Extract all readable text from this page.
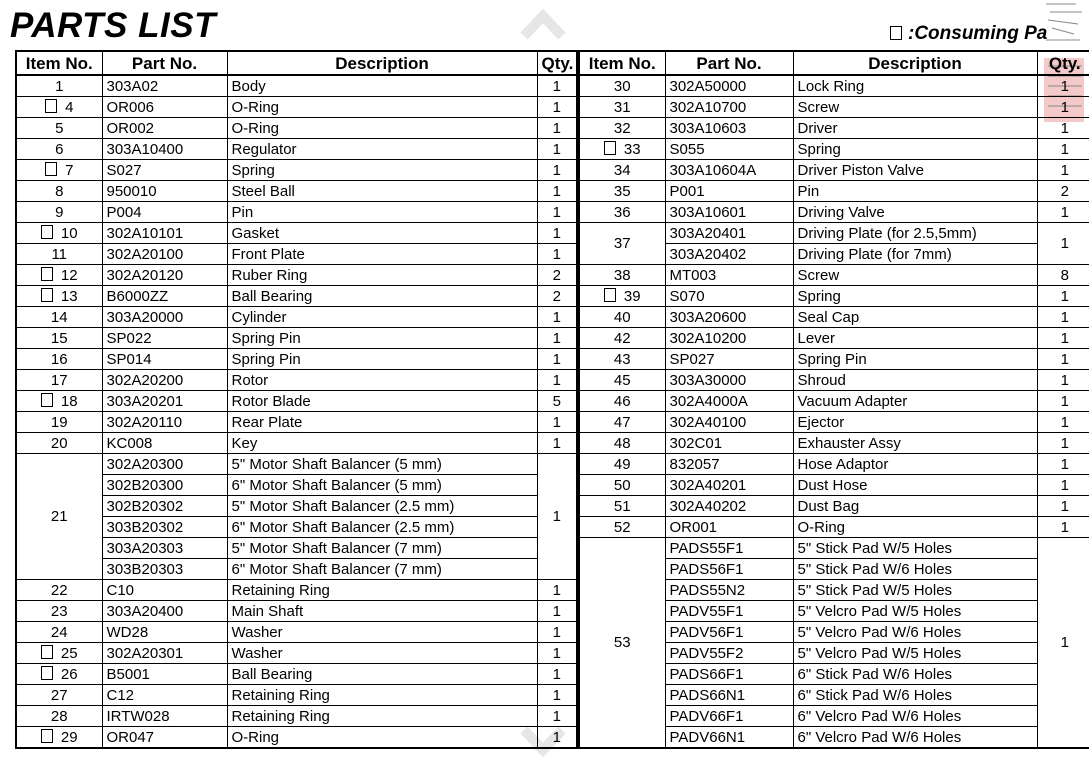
PARTS LIST	:Consuming Pa
Item No.	Part No.	Description	Qty.
1	303A02	Body	1
4	OR006	O-Ring	1
5	OR002	O-Ring	1
6	303A10400	Regulator	1
7	S027	Spring	1
8	950010	Steel Ball	1
9	P004	Pin	1
10	302A10101	Gasket	1
11	302A20100	Front Plate	1
12	302A20120	Ruber Ring	2
13	B6000ZZ	Ball Bearing	2
14	303A20000	Cylinder	1
15	SP022	Spring Pin	1
16	SP014	Spring Pin	1
17	302A20200	Rotor	1
18	303A20201	Rotor Blade	5
19	302A20110	Rear Plate	1
20	KC008	Key	1
21	302A20300	5" Motor Shaft Balancer (5 mm)	1
	302B20300	6" Motor Shaft Balancer (5 mm)	
	302B20302	5" Motor Shaft Balancer (2.5 mm)	
	303B20302	6" Motor Shaft Balancer (2.5 mm)	
	303A20303	5" Motor Shaft Balancer (7 mm)	
	303B20303	6" Motor Shaft Balancer (7 mm)	
22	C10	Retaining Ring	1
23	303A20400	Main Shaft	1
24	WD28	Washer	1
25	302A20301	Washer	1
26	B5001	Ball Bearing	1
27	C12	Retaining Ring	1
28	IRTW028	Retaining Ring	1
29	OR047	O-Ring	1
Item No.	Part No.	Description	Qty.
30	302A50000	Lock Ring	1
31	302A10700	Screw	1
32	303A10603	Driver	1
33	S055	Spring	1
34	303A10604A	Driver Piston Valve	1
35	P001	Pin	2
36	303A10601	Driving Valve	1
37	303A20401	Driving Plate (for 2.5,5mm)	1
	303A20402	Driving Plate (for 7mm)	
38	MT003	Screw	8
39	S070	Spring	1
40	303A20600	Seal Cap	1
42	302A10200	Lever	1
43	SP027	Spring Pin	1
45	303A30000	Shroud	1
46	302A4000A	Vacuum Adapter	1
47	302A40100	Ejector	1
48	302C01	Exhauster Assy	1
49	832057	Hose Adaptor	1
50	302A40201	Dust Hose	1
51	302A40202	Dust Bag	1
52	OR001	O-Ring	1
53	PADS55F1	5" Stick Pad W/5 Holes	1
	PADS56F1	5" Stick Pad W/6 Holes	
	PADS55N2	5" Stick Pad W/5 Holes	
	PADV55F1	5" Velcro Pad W/5 Holes	
	PADV56F1	5" Velcro Pad W/6 Holes	
	PADV55F2	5" Velcro Pad W/5 Holes	
	PADS66F1	6" Stick Pad W/6 Holes	
	PADS66N1	6" Stick Pad W/6 Holes	
	PADV66F1	6" Velcro Pad W/6 Holes	
	PADV66N1	6" Velcro Pad W/6 Holes	
